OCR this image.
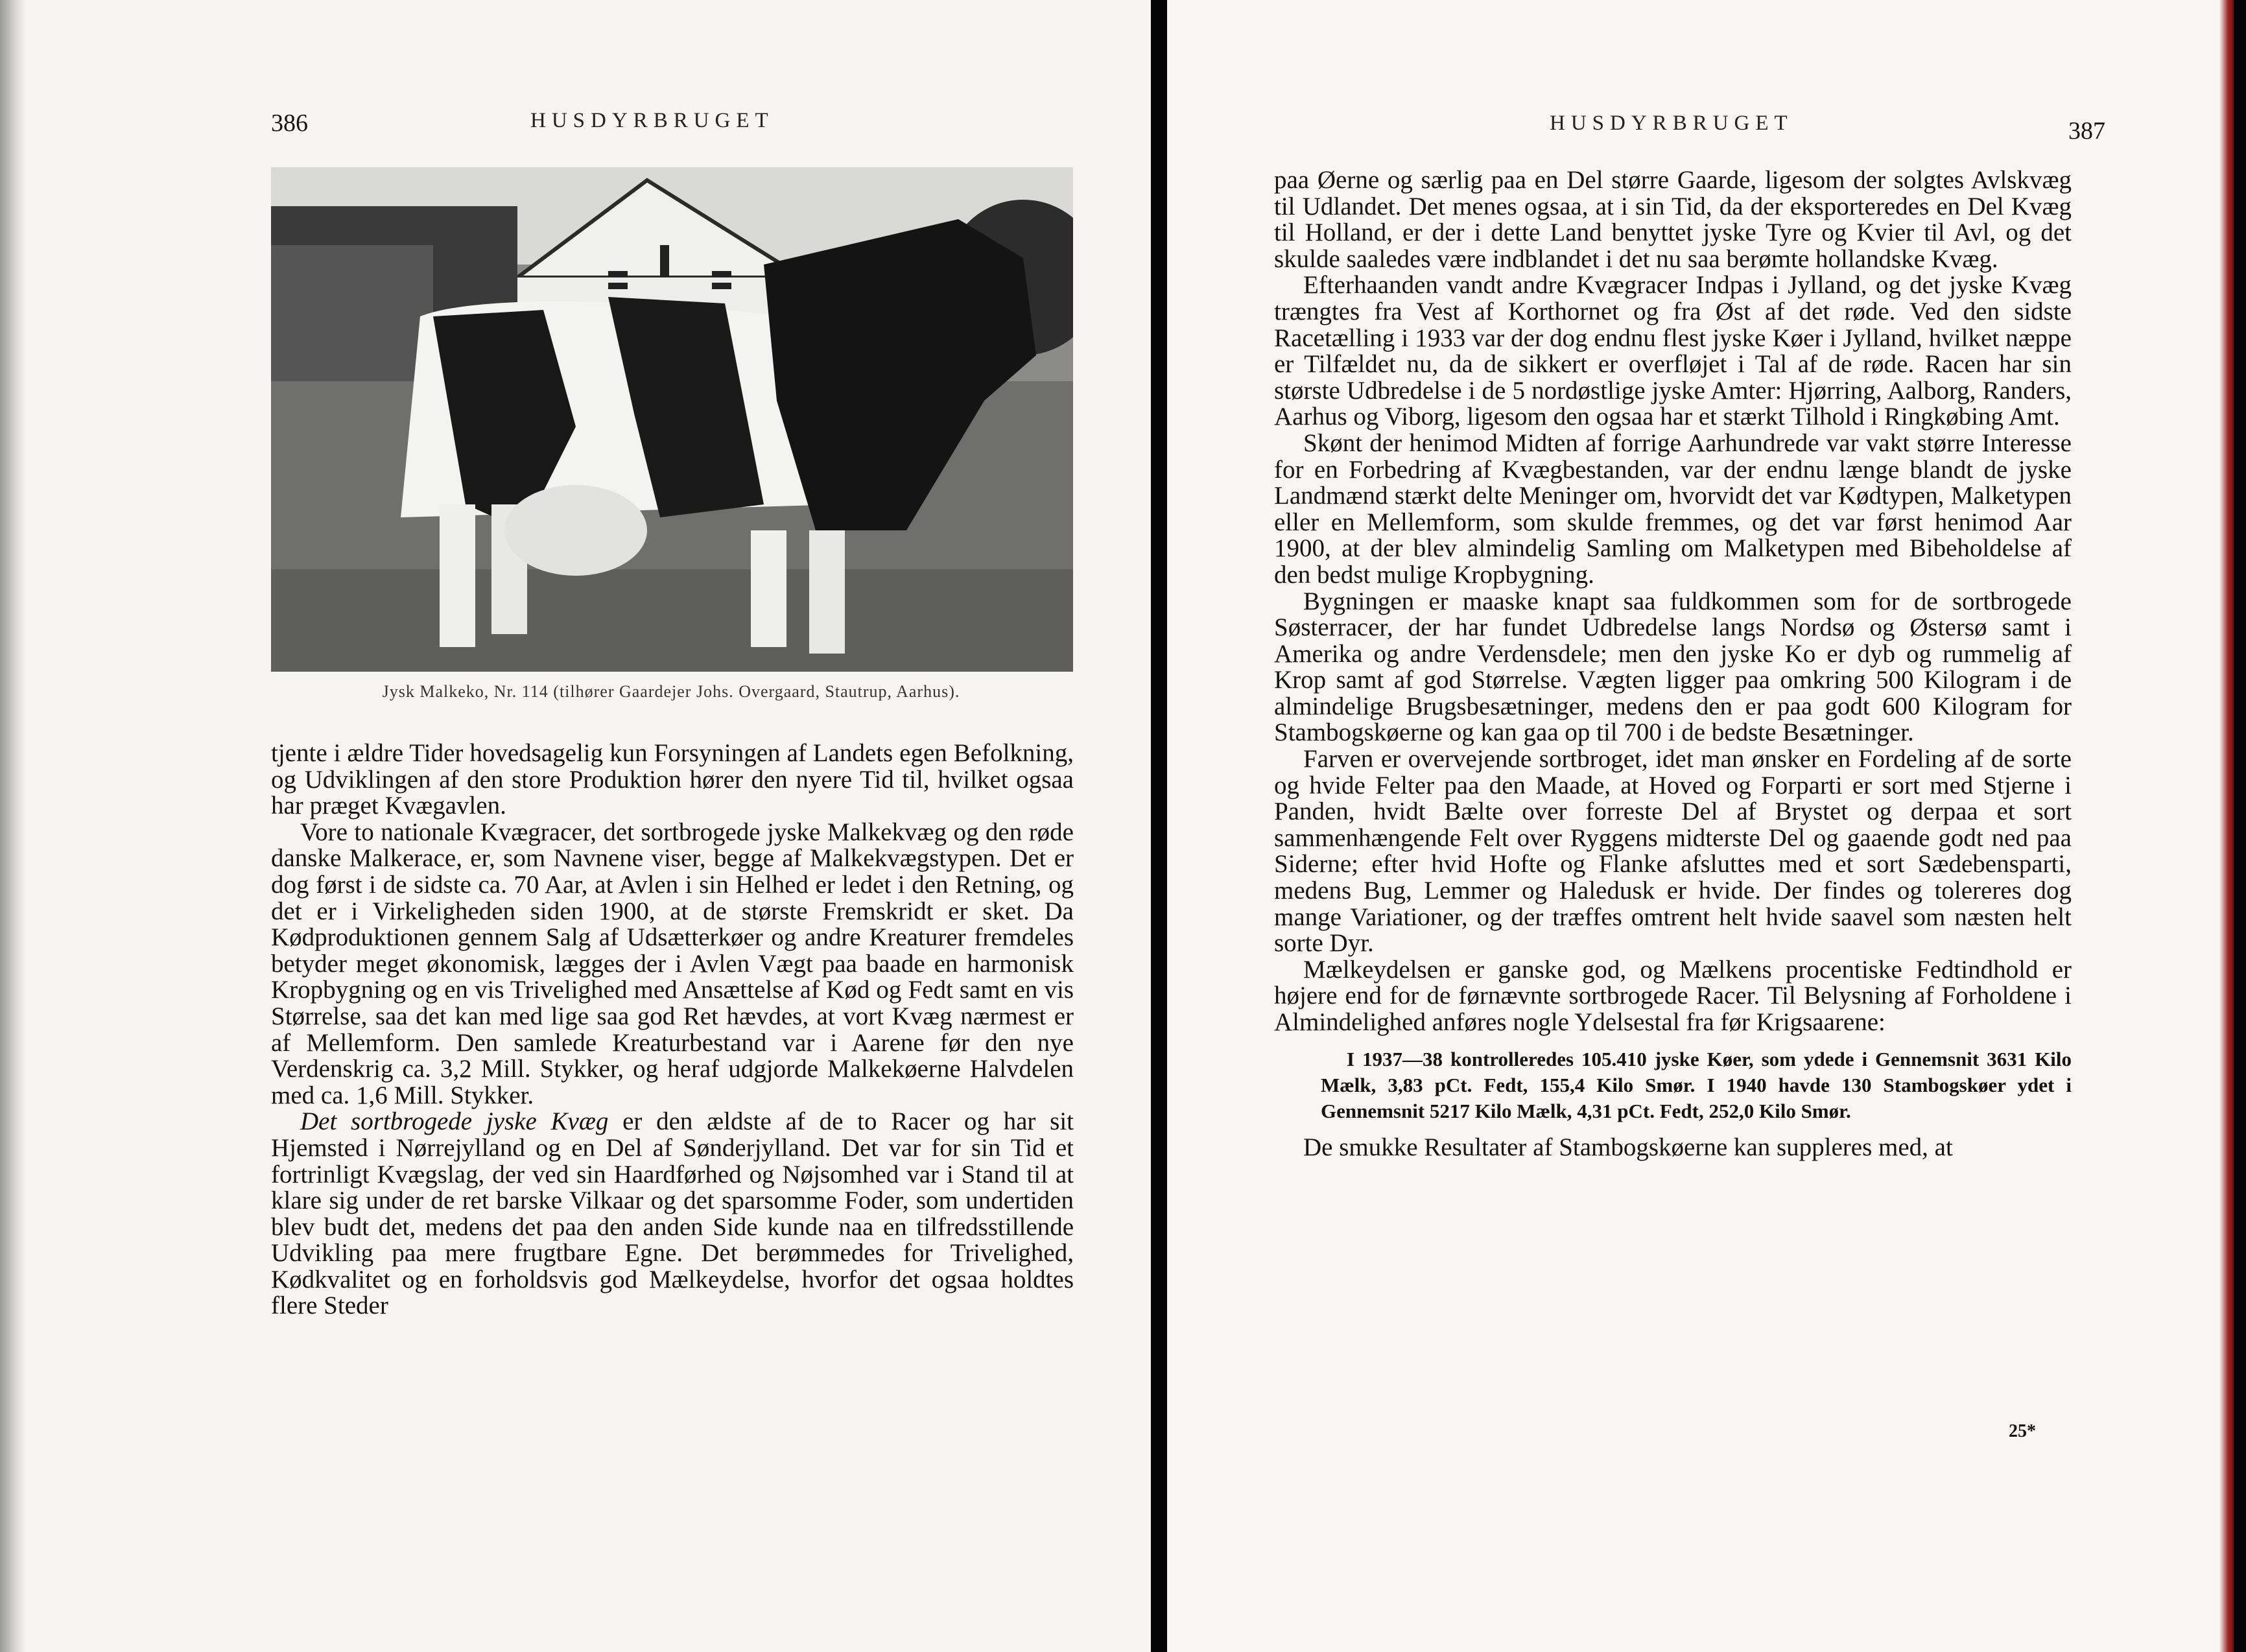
386	HUSDYRBRUGET
Jysk Malkeko, Nr. 114 (tilhører Gaardejer Johs. Overgaard, Stautrup, Aarhus).

tjente i ældre Tider hovedsagelig kun Forsyningen af Landets egen Befolkning, og Udviklingen af den store Produktion hører den nyere Tid til, hvilket ogsaa har præget Kvægavlen.

Vore to nationale Kvægracer, det sortbrogede jyske Malkekvæg og den røde danske Malkerace, er, som Navnene viser, begge af Malkekvægstypen. Det er dog først i de sidste ca. 70 Aar, at Avlen i sin Helhed er ledet i den Retning, og det er i Virkeligheden siden 1900, at de største Fremskridt er sket. Da Kødproduktionen gennem Salg af Udsætterkøer og andre Kreaturer fremdeles betyder meget økonomisk, lægges der i Avlen Vægt paa baade en harmonisk Kropbygning og en vis Trivelighed med Ansættelse af Kød og Fedt samt en vis Størrelse, saa det kan med lige saa god Ret hævdes, at vort Kvæg nærmest er af Mellemform. Den samlede Kreaturbestand var i Aarene før den nye Verdenskrig ca. 3,2 Mill. Stykker, og heraf udgjorde Malkekøerne Halvdelen med ca. 1,6 Mill. Stykker.

Det sortbrogede jyske Kvæg er den ældste af de to Racer og har sit Hjemsted i Nørrejylland og en Del af Sønderjylland. Det var for sin Tid et fortrinligt Kvægslag, der ved sin Haardførhed og Nøjsomhed var i Stand til at klare sig under de ret barske Vilkaar og det sparsomme Foder, som undertiden blev budt det, medens det paa den anden Side kunde naa en tilfredsstillende Udvikling paa mere frugtbare Egne. Det berømmedes for Trivelighed, Kødkvalitet og en forholdsvis god Mælkeydelse, hvorfor det ogsaa holdtes flere Steder

HUSDYRBRUGET	387

paa Øerne og særlig paa en Del større Gaarde, ligesom der solgtes Avlskvæg til Udlandet. Det menes ogsaa, at i sin Tid, da der eksporteredes en Del Kvæg til Holland, er der i dette Land benyttet jyske Tyre og Kvier til Avl, og det skulde saaledes være indblandet i det nu saa berømte hollandske Kvæg.

Efterhaanden vandt andre Kvægracer Indpas i Jylland, og det jyske Kvæg trængtes fra Vest af Korthornet og fra Øst af det røde. Ved den sidste Racetælling i 1933 var der dog endnu flest jyske Køer i Jylland, hvilket næppe er Tilfældet nu, da de sikkert er overfløjet i Tal af de røde. Racen har sin største Udbredelse i de 5 nordøstlige jyske Amter: Hjørring, Aalborg, Randers, Aarhus og Viborg, ligesom den ogsaa har et stærkt Tilhold i Ringkøbing Amt.

Skønt der henimod Midten af forrige Aarhundrede var vakt større Interesse for en Forbedring af Kvægbestanden, var der endnu længe blandt de jyske Landmænd stærkt delte Meninger om, hvorvidt det var Kødtypen, Malketypen eller en Mellemform, som skulde fremmes, og det var først henimod Aar 1900, at der blev almindelig Samling om Malketypen med Bibeholdelse af den bedst mulige Kropbygning.

Bygningen er maaske knapt saa fuldkommen som for de sortbrogede Søsterracer, der har fundet Udbredelse langs Nordsø og Østersø samt i Amerika og andre Verdensdele; men den jyske Ko er dyb og rummelig af Krop samt af god Størrelse. Vægten ligger paa omkring 500 Kilogram i de almindelige Brugsbesætninger, medens den er paa godt 600 Kilogram for Stambogskøerne og kan gaa op til 700 i de bedste Besætninger.

Farven er overvejende sortbroget, idet man ønsker en Fordeling af de sorte og hvide Felter paa den Maade, at Hoved og Forparti er sort med Stjerne i Panden, hvidt Bælte over forreste Del af Brystet og derpaa et sort sammenhængende Felt over Ryggens midterste Del og gaaende godt ned paa Siderne; efter hvid Hofte og Flanke afsluttes med et sort Sædebensparti, medens Bug, Lemmer og Haledusk er hvide. Der findes og tolereres dog mange Variationer, og der træffes omtrent helt hvide saavel som næsten helt sorte Dyr.

Mælkeydelsen er ganske god, og Mælkens procentiske Fedtindhold er højere end for de førnævnte sortbrogede Racer. Til Belysning af Forholdene i Almindelighed anføres nogle Ydelsestal fra før Krigsaarene:

I 1937—38 kontrolleredes 105.410 jyske Køer, som ydede i Gennemsnit 3631 Kilo Mælk, 3,83 pCt. Fedt, 155,4 Kilo Smør. I 1940 havde 130 Stambogskøer ydet i Gennemsnit 5217 Kilo Mælk, 4,31 pCt. Fedt, 252,0 Kilo Smør.

De smukke Resultater af Stambogskøerne kan suppleres med, at

25*
